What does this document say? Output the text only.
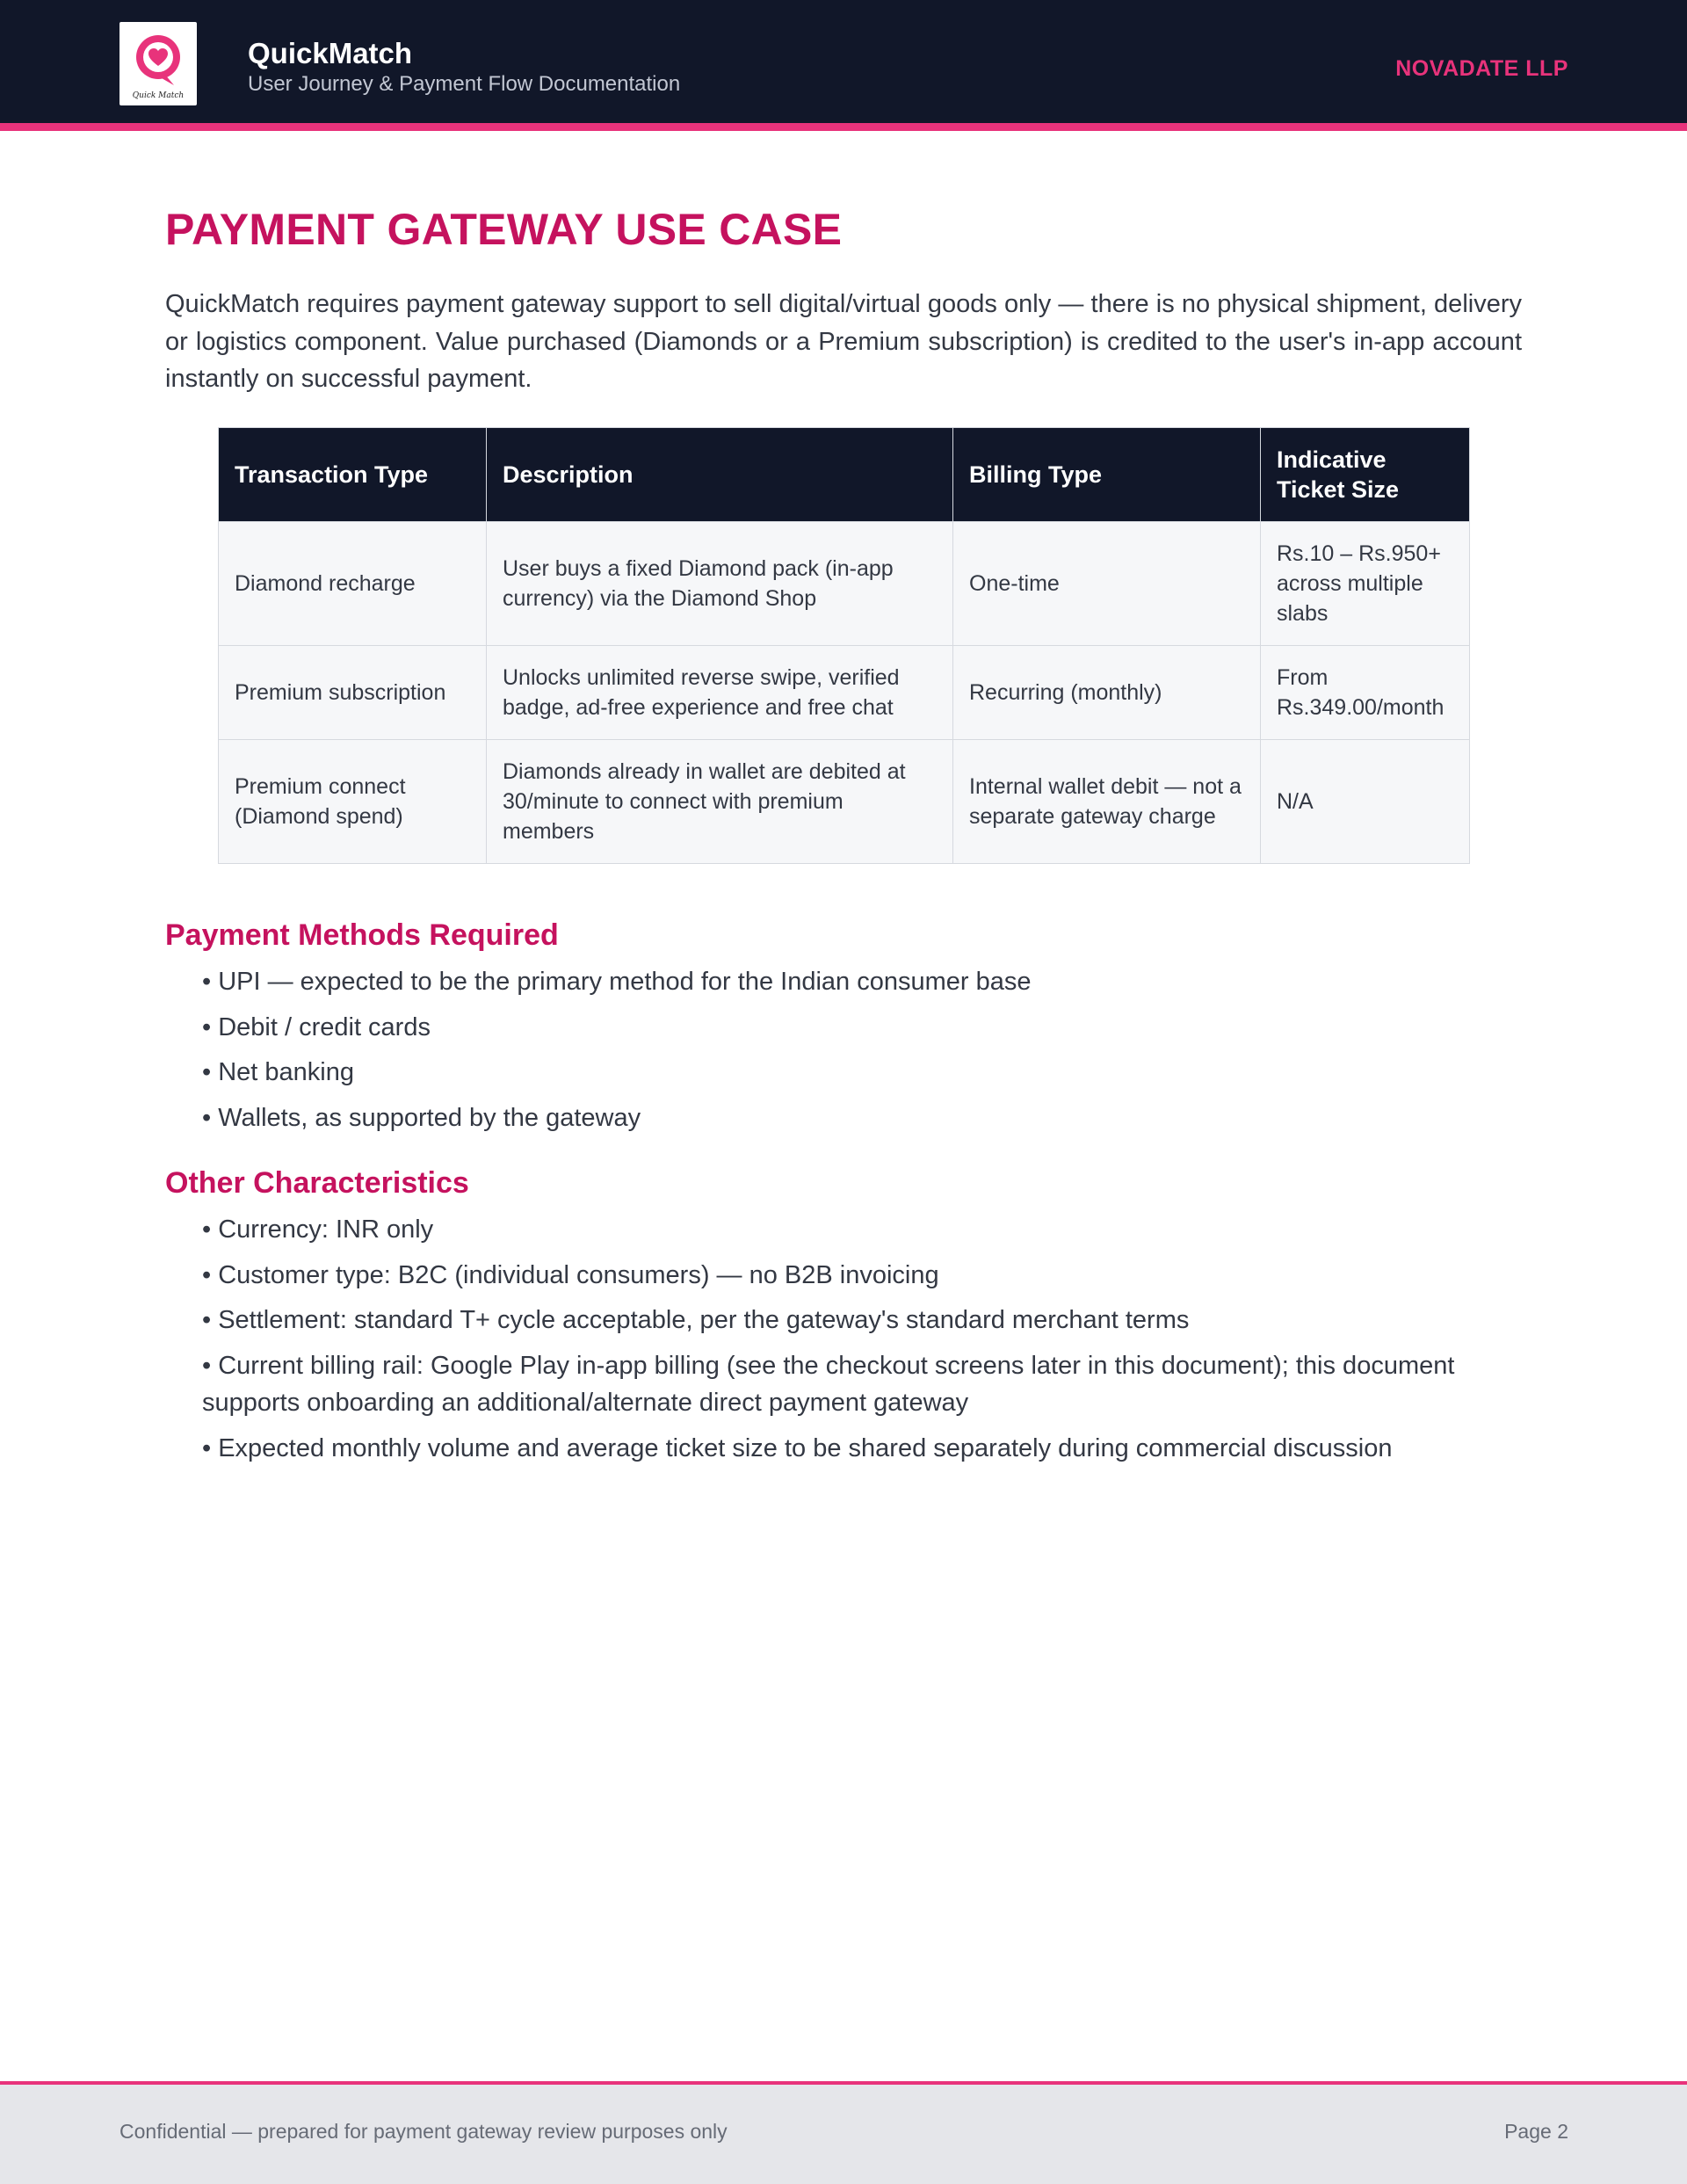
Quick Match
QuickMatch
User Journey & Payment Flow Documentation
NOVADATE LLP
PAYMENT GATEWAY USE CASE

QuickMatch requires payment gateway support to sell digital/virtual goods only — there is no physical shipment, delivery or logistics component. Value purchased (Diamonds or a Premium subscription) is credited to the user's in-app account instantly on successful payment.

Transaction Type	Description	Billing Type	Indicative Ticket Size
Diamond recharge	User buys a fixed Diamond pack (in-app currency) via the Diamond Shop	One-time	Rs.10 – Rs.950+ across multiple slabs
Premium subscription	Unlocks unlimited reverse swipe, verified badge, ad-free experience and free chat	Recurring (monthly)	From Rs.349.00/month
Premium connect (Diamond spend)	Diamonds already in wallet are debited at 30/minute to connect with premium members	Internal wallet debit — not a separate gateway charge	N/A
Payment Methods Required
• UPI — expected to be the primary method for the Indian consumer base
• Debit / credit cards
• Net banking
• Wallets, as supported by the gateway
Other Characteristics
• Currency: INR only
• Customer type: B2C (individual consumers) — no B2B invoicing
• Settlement: standard T+ cycle acceptable, per the gateway's standard merchant terms
• Current billing rail: Google Play in-app billing (see the checkout screens later in this document); this document supports onboarding an additional/alternate direct payment gateway
• Expected monthly volume and average ticket size to be shared separately during commercial discussion
Confidential — prepared for payment gateway review purposes only	Page 2
